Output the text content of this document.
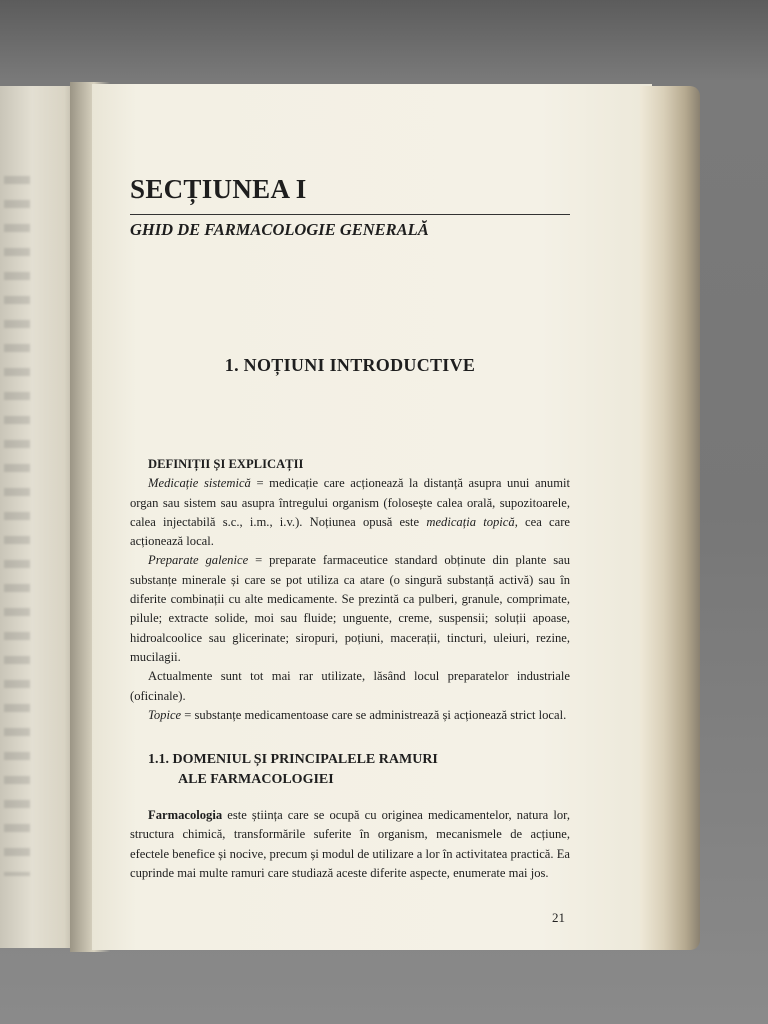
SECȚIUNEA I
GHID DE FARMACOLOGIE GENERALĂ
1. NOȚIUNI INTRODUCTIVE
DEFINIȚII ȘI EXPLICAȚII

Medicație sistemică = medicație care acționează la distanță asupra unui anumit organ sau sistem sau asupra întregului organism (folosește calea orală, supozitoarele, calea injectabilă s.c., i.m., i.v.). Noțiunea opusă este medicația topică, cea care acționează local.

Preparate galenice = preparate farmaceutice standard obținute din plante sau substanțe minerale și care se pot utiliza ca atare (o singură substanță activă) sau în diferite combinații cu alte medicamente. Se prezintă ca pulberi, granule, comprimate, pilule; extracte solide, moi sau fluide; unguente, creme, suspensii; soluții apoase, hidroalcoolice sau glicerinate; siropuri, poțiuni, macerații, tincturi, uleiuri, rezine, mucilagii.

Actualmente sunt tot mai rar utilizate, lăsând locul preparatelor industriale (oficinale).

Topice = substanțe medicamentoase care se administrează și acționează strict local.

1.1. DOMENIUL ȘI PRINCIPALELE RAMURI
ALE FARMACOLOGIEI

Farmacologia este știința care se ocupă cu originea medicamentelor, natura lor, structura chimică, transformările suferite în organism, mecanismele de acțiune, efectele benefice și nocive, precum și modul de utilizare a lor în activitatea practică. Ea cuprinde mai multe ramuri care studiază aceste diferite aspecte, enumerate mai jos.

21
